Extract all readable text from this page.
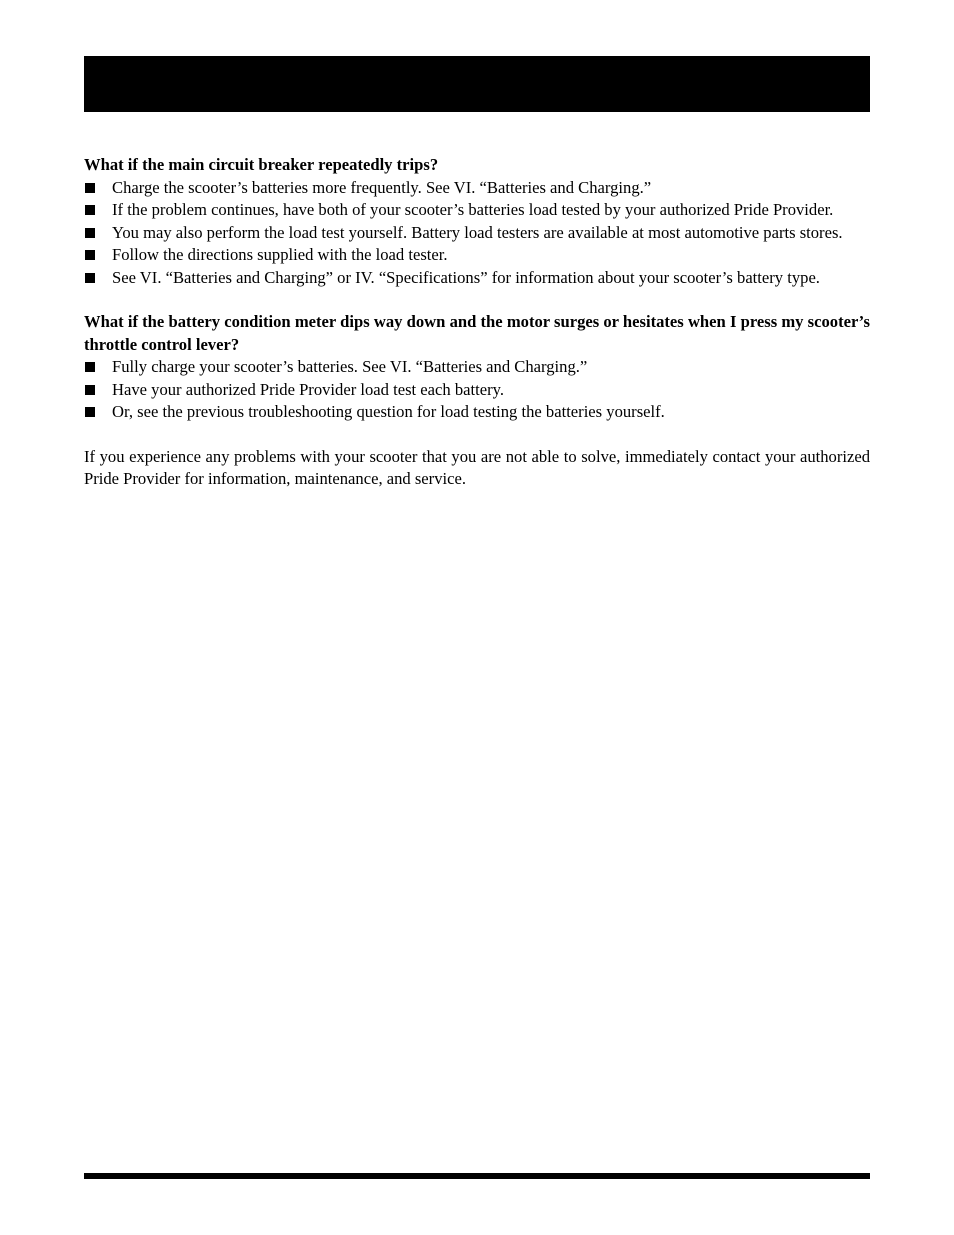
What if the main circuit breaker repeatedly trips?

Charge the scooter’s batteries more frequently. See VI. “Batteries and Charging.”
If the problem continues, have both of your scooter’s batteries load tested by your authorized Pride Provider.
You may also perform the load test yourself. Battery load testers are available at most automotive parts stores.
Follow the directions supplied with the load tester.
See VI. “Batteries and Charging” or IV. “Specifications” for information about your scooter’s battery type.

What if the battery condition meter dips way down and the motor surges or hesitates when I press my scooter’s throttle control lever?

Fully charge your scooter’s batteries. See VI. “Batteries and Charging.”
Have your authorized Pride Provider load test each battery.
Or, see the previous troubleshooting question for load testing the batteries yourself.

If you experience any problems with your scooter that you are not able to solve, immediately contact your authorized Pride Provider for information, maintenance, and service.
